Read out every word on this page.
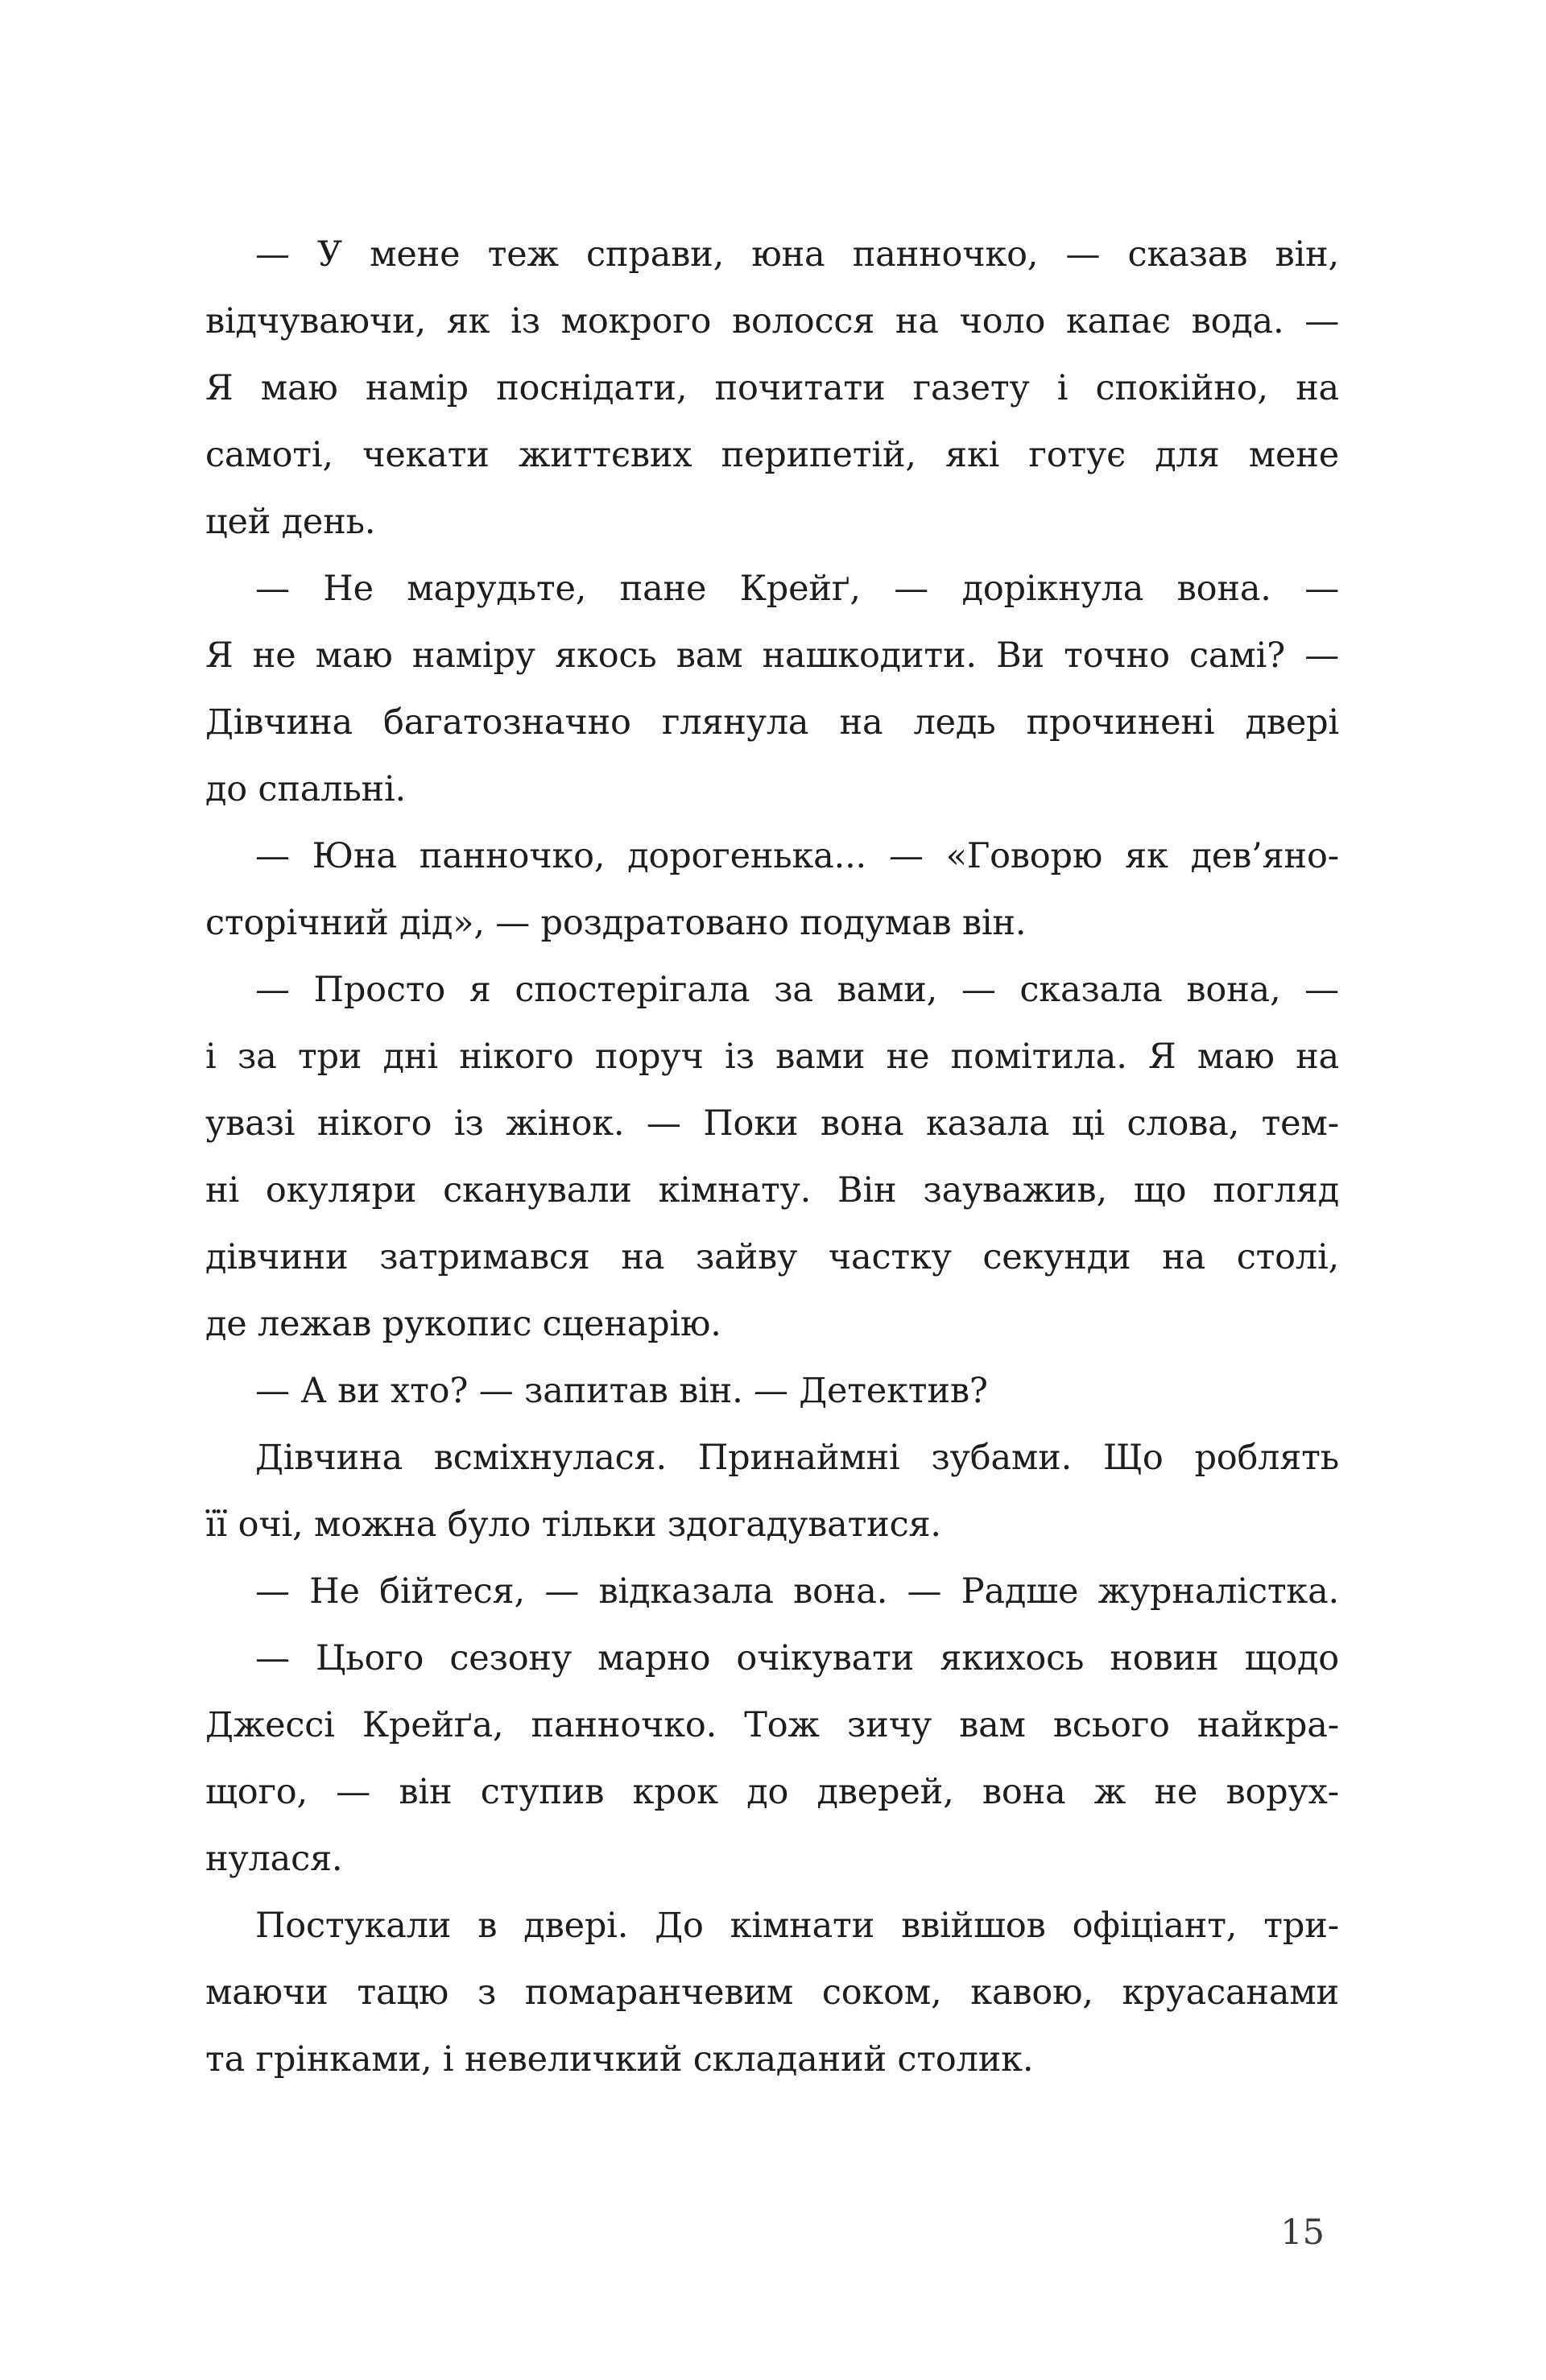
— У мене теж справи, юна панночко, — сказав він,
відчуваючи, як із мокрого волосся на чоло капає вода. —
Я маю намір поснідати, почитати газету і спокійно, на
самоті, чекати життєвих перипетій, які готує для мене
цей день.
— Не марудьте, пане Крейґ, — дорікнула вона. —
Я не маю наміру якось вам нашкодити. Ви точно самі? —
Дівчина багатозначно глянула на ледь прочинені двері
до спальні.
— Юна панночко, дорогенька... — «Говорю як дев’яно-
сторічний дід», — роздратовано подумав він.
— Просто я спостерігала за вами, — сказала вона, —
і за три дні нікого поруч із вами не помітила. Я маю на
увазі нікого із жінок. — Поки вона казала ці слова, тем-
ні окуляри сканували кімнату. Він зауважив, що погляд
дівчини затримався на зайву частку секунди на столі,
де лежав рукопис сценарію.
— А ви хто? — запитав він. — Детектив?
Дівчина всміхнулася. Принаймні зубами. Що роблять
її очі, можна було тільки здогадуватися.
— Не бійтеся, — відказала вона. — Радше журналістка.
— Цього сезону марно очікувати якихось новин щодо
Джессі Крейґа, панночко. Тож зичу вам всього найкра-
щого, — він ступив крок до дверей, вона ж не ворух-
нулася.
Постукали в двері. До кімнати ввійшов офіціант, три-
маючи тацю з помаранчевим соком, кавою, круасанами
та грінками, і невеличкий складаний столик.
15
